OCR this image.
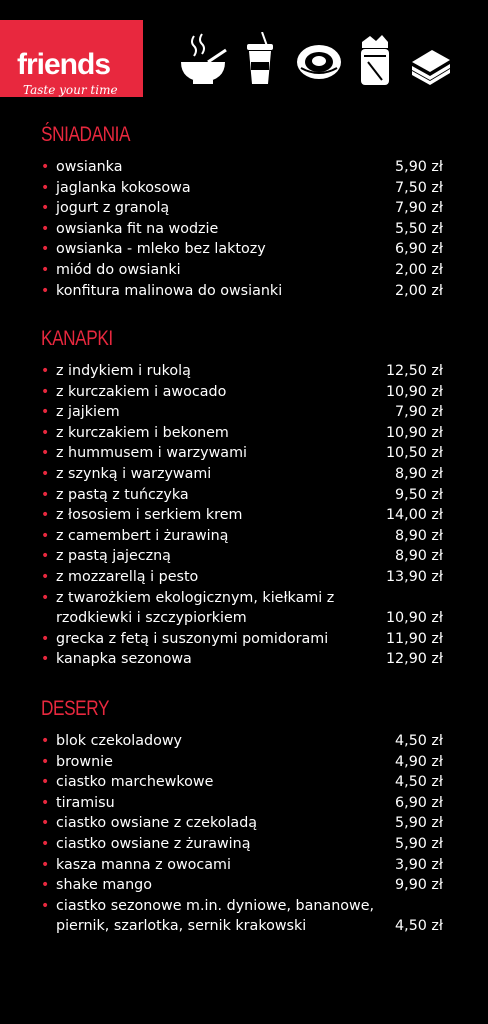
friends
Taste your time
ŚNIADANIA
• owsianka	5,90 zł
• jaglanka kokosowa	7,50 zł
• jogurt z granolą	7,90 zł
• owsianka fit na wodzie	5,50 zł
• owsianka - mleko bez laktozy	6,90 zł
• miód do owsianki	2,00 zł
• konfitura malinowa do owsianki	2,00 zł
KANAPKI
• z indykiem i rukolą	12,50 zł
• z kurczakiem i awocado	10,90 zł
• z jajkiem	7,90 zł
• z kurczakiem i bekonem	10,90 zł
• z hummusem i warzywami	10,50 zł
• z szynką i warzywami	8,90 zł
• z pastą z tuńczyka	9,50 zł
• z łososiem i serkiem krem	14,00 zł
• z camembert i żurawiną	8,90 zł
• z pastą jajeczną	8,90 zł
• z mozzarellą i pesto	13,90 zł
• z twarożkiem ekologicznym, kiełkami z rzodkiewki i szczypiorkiem	10,90 zł
• grecka z fetą i suszonymi pomidorami	11,90 zł
• kanapka sezonowa	12,90 zł
DESERY
• blok czekoladowy	4,50 zł
• brownie	4,90 zł
• ciastko marchewkowe	4,50 zł
• tiramisu	6,90 zł
• ciastko owsiane z czekoladą	5,90 zł
• ciastko owsiane z żurawiną	5,90 zł
• kasza manna z owocami	3,90 zł
• shake mango	9,90 zł
• ciastko sezonowe m.in. dyniowe, bananowe, piernik, szarlotka, sernik krakowski	4,50 zł
